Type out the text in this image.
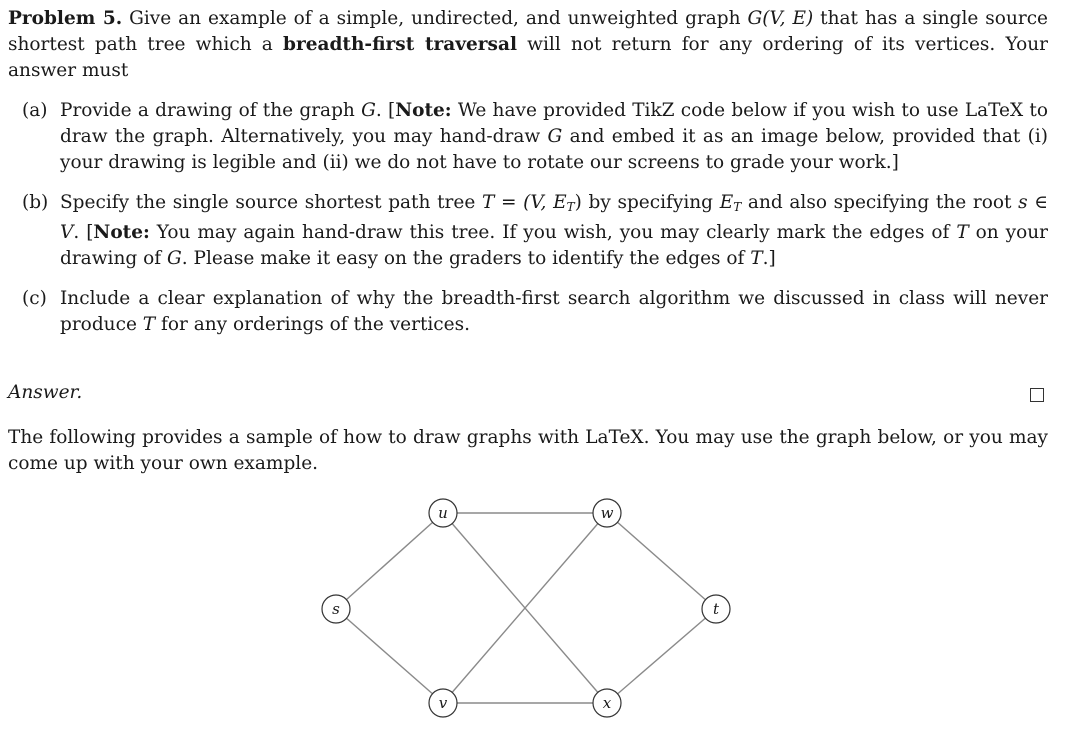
Problem 5. Give an example of a simple, undirected, and unweighted graph G(V, E) that has a single source shortest path tree which a breadth-first traversal will not return for any ordering of its vertices. Your answer must

(a) Provide a drawing of the graph G. [Note: We have provided TikZ code below if you wish to use LaTeX to draw the graph. Alternatively, you may hand-draw G and embed it as an image below, provided that (i) your drawing is legible and (ii) we do not have to rotate our screens to grade your work.]
(b) Specify the single source shortest path tree T = (V, $E_T$) by specifying $E_T$ and also specifying the root s ∈ V. [Note: You may again hand-draw this tree. If you wish, you may clearly mark the edges of T on your drawing of G. Please make it easy on the graders to identify the edges of T.]
(c) Include a clear explanation of why the breadth-first search algorithm we discussed in class will never produce T for any orderings of the vertices.
Answer.

The following provides a sample of how to draw graphs with LaTeX. You may use the graph below, or you may come up with your own example.

s
u	w
t
v	x
